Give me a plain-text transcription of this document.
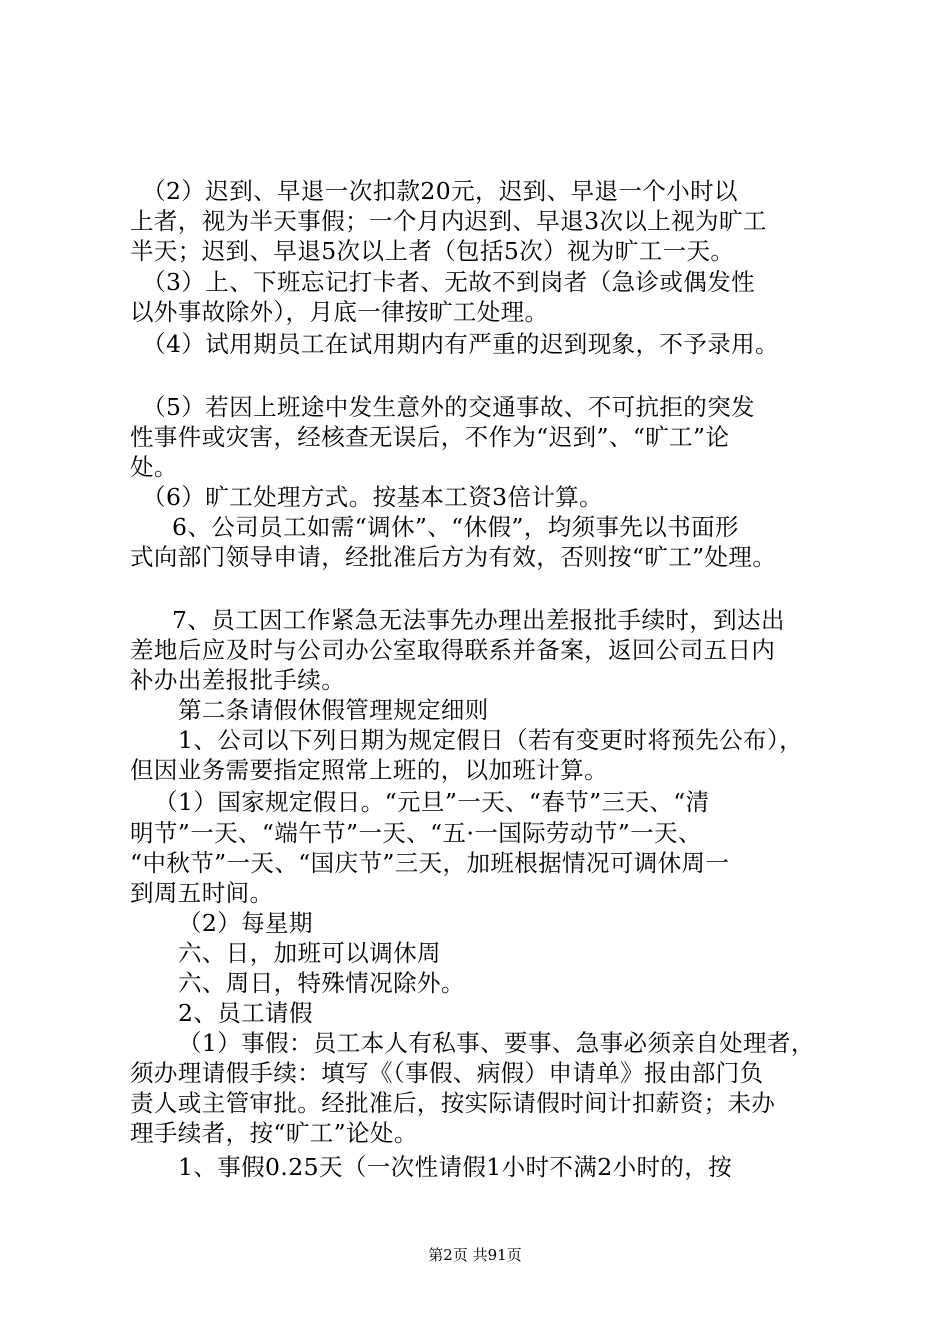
　（2）迟到、早退一次扣款20元，迟到、早退一个小时以
上者，视为半天事假；一个月内迟到、早退3次以上视为旷工
半天；迟到、早退5次以上者（包括5次）视为旷工一天。
　（3）上、下班忘记打卡者、无故不到岗者（急诊或偶发性
以外事故除外），月底一律按旷工处理。
　（4）试用期员工在试用期内有严重的迟到现象，不予录用。
　（5）若因上班途中发生意外的交通事故、不可抗拒的突发
性事件或灾害，经核查无误后，不作为“迟到”、“旷工”论
处。
　（6）旷工处理方式。按基本工资3倍计算。
6、公司员工如需“调休”、“休假”，均须事先以书面形
式向部门领导申请，经批准后方为有效，否则按“旷工”处理。
7、员工因工作紧急无法事先办理出差报批手续时，到达出
差地后应及时与公司办公室取得联系并备案，返回公司五日内
补办出差报批手续。
第二条请假休假管理规定细则
1、公司以下列日期为规定假日（若有变更时将预先公布），
但因业务需要指定照常上班的，以加班计算。
　（1）国家规定假日。“元旦”一天、“春节”三天、“清
明节”一天、“端午节”一天、“五·一国际劳动节”一天、
“中秋节”一天、“国庆节”三天，加班根据情况可调休周一
到周五时间。
（2）每星期
六、日，加班可以调休周
六、周日，特殊情况除外。
2、员工请假
（1）事假：员工本人有私事、要事、急事必须亲自处理者，
须办理请假手续：填写《（事假、病假）申请单》报由部门负
责人或主管审批。经批准后，按实际请假时间计扣薪资；未办
理手续者，按“旷工”论处。
1、事假0.25天（一次性请假1小时不满2小时的，按
第2页 共91页
